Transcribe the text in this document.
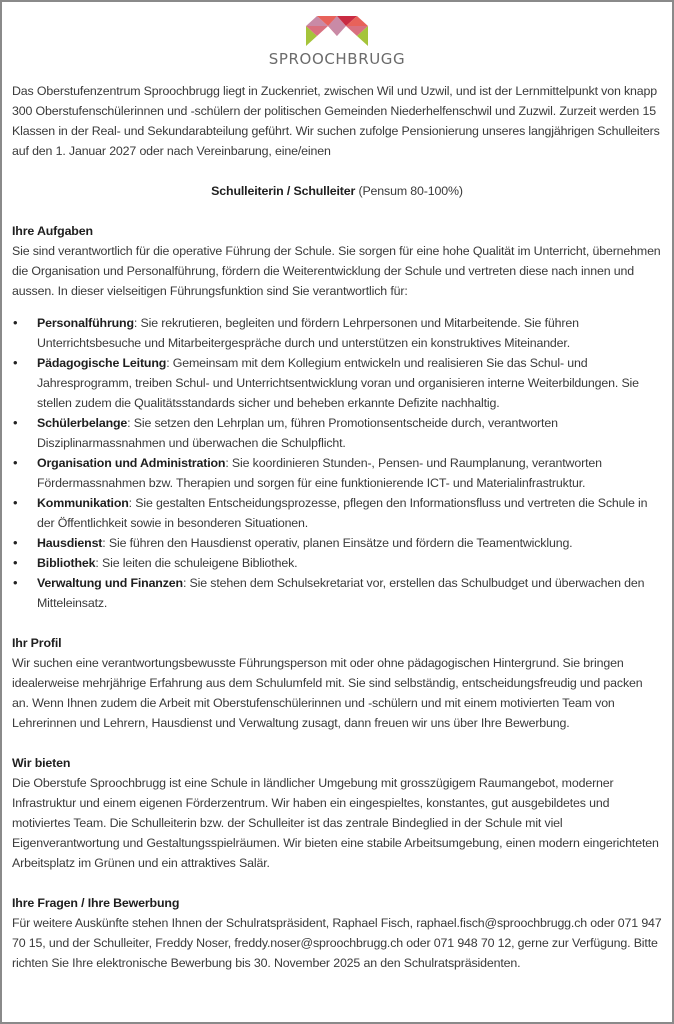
SPROOCHBRUGG

Das Oberstufenzentrum Sproochbrugg liegt in Zuckenriet, zwischen Wil und Uzwil, und ist der Lernmittelpunkt von knapp 300 Oberstufenschülerinnen und -schülern der politischen Gemeinden Niederhelfenschwil und Zuzwil. Zurzeit werden 15 Klassen in der Real- und Sekundarabteilung geführt. Wir suchen zufolge Pensionierung unseres langjährigen Schulleiters auf den 1. Januar 2027 oder nach Vereinbarung, eine/einen

Schulleiterin / Schulleiter (Pensum 80-100%)

Ihre Aufgaben

Sie sind verantwortlich für die operative Führung der Schule. Sie sorgen für eine hohe Qualität im Unterricht, übernehmen die Organisation und Personalführung, fördern die Weiterentwicklung der Schule und vertreten diese nach innen und aussen. In dieser vielseitigen Führungsfunktion sind Sie verantwortlich für:

• Personalführung: Sie rekrutieren, begleiten und fördern Lehrpersonen und Mitarbeitende. Sie führen Unterrichtsbesuche und Mitarbeitergespräche durch und unterstützen ein konstruktives Miteinander.
• Pädagogische Leitung: Gemeinsam mit dem Kollegium entwickeln und realisieren Sie das Schul- und Jahresprogramm, treiben Schul- und Unterrichtsentwicklung voran und organisieren interne Weiterbildungen. Sie stellen zudem die Qualitätsstandards sicher und beheben erkannte Defizite nachhaltig.
• Schülerbelange: Sie setzen den Lehrplan um, führen Promotionsentscheide durch, verantworten Disziplinarmassnahmen und überwachen die Schulpflicht.
• Organisation und Administration: Sie koordinieren Stunden-, Pensen- und Raumplanung, verantworten Fördermassnahmen bzw. Therapien und sorgen für eine funktionierende ICT- und Materialinfrastruktur.
• Kommunikation: Sie gestalten Entscheidungsprozesse, pflegen den Informationsfluss und vertreten die Schule in der Öffentlichkeit sowie in besonderen Situationen.
• Hausdienst: Sie führen den Hausdienst operativ, planen Einsätze und fördern die Teamentwicklung.
• Bibliothek: Sie leiten die schuleigene Bibliothek.
• Verwaltung und Finanzen: Sie stehen dem Schulsekretariat vor, erstellen das Schulbudget und überwachen den Mitteleinsatz.
Ihr Profil

Wir suchen eine verantwortungsbewusste Führungsperson mit oder ohne pädagogischen Hintergrund. Sie bringen idealerweise mehrjährige Erfahrung aus dem Schulumfeld mit. Sie sind selbständig, entscheidungsfreudig und packen an. Wenn Ihnen zudem die Arbeit mit Oberstufenschülerinnen und -schülern und mit einem motivierten Team von Lehrerinnen und Lehrern, Hausdienst und Verwaltung zusagt, dann freuen wir uns über Ihre Bewerbung.

Wir bieten

Die Oberstufe Sproochbrugg ist eine Schule in ländlicher Umgebung mit grosszügigem Raumangebot, moderner Infrastruktur und einem eigenen Förderzentrum. Wir haben ein eingespieltes, konstantes, gut ausgebildetes und motiviertes Team. Die Schulleiterin bzw. der Schulleiter ist das zentrale Bindeglied in der Schule mit viel Eigenverantwortung und Gestaltungsspielräumen. Wir bieten eine stabile Arbeitsumgebung, einen modern eingerichteten Arbeitsplatz im Grünen und ein attraktives Salär.

Ihre Fragen / Ihre Bewerbung

Für weitere Auskünfte stehen Ihnen der Schulratspräsident, Raphael Fisch, raphael.fisch@sproochbrugg.ch oder 071 947 70 15, und der Schulleiter, Freddy Noser, freddy.noser@sproochbrugg.ch oder 071 948 70 12, gerne zur Verfügung. Bitte richten Sie Ihre elektronische Bewerbung bis 30. November 2025 an den Schulratspräsidenten.
